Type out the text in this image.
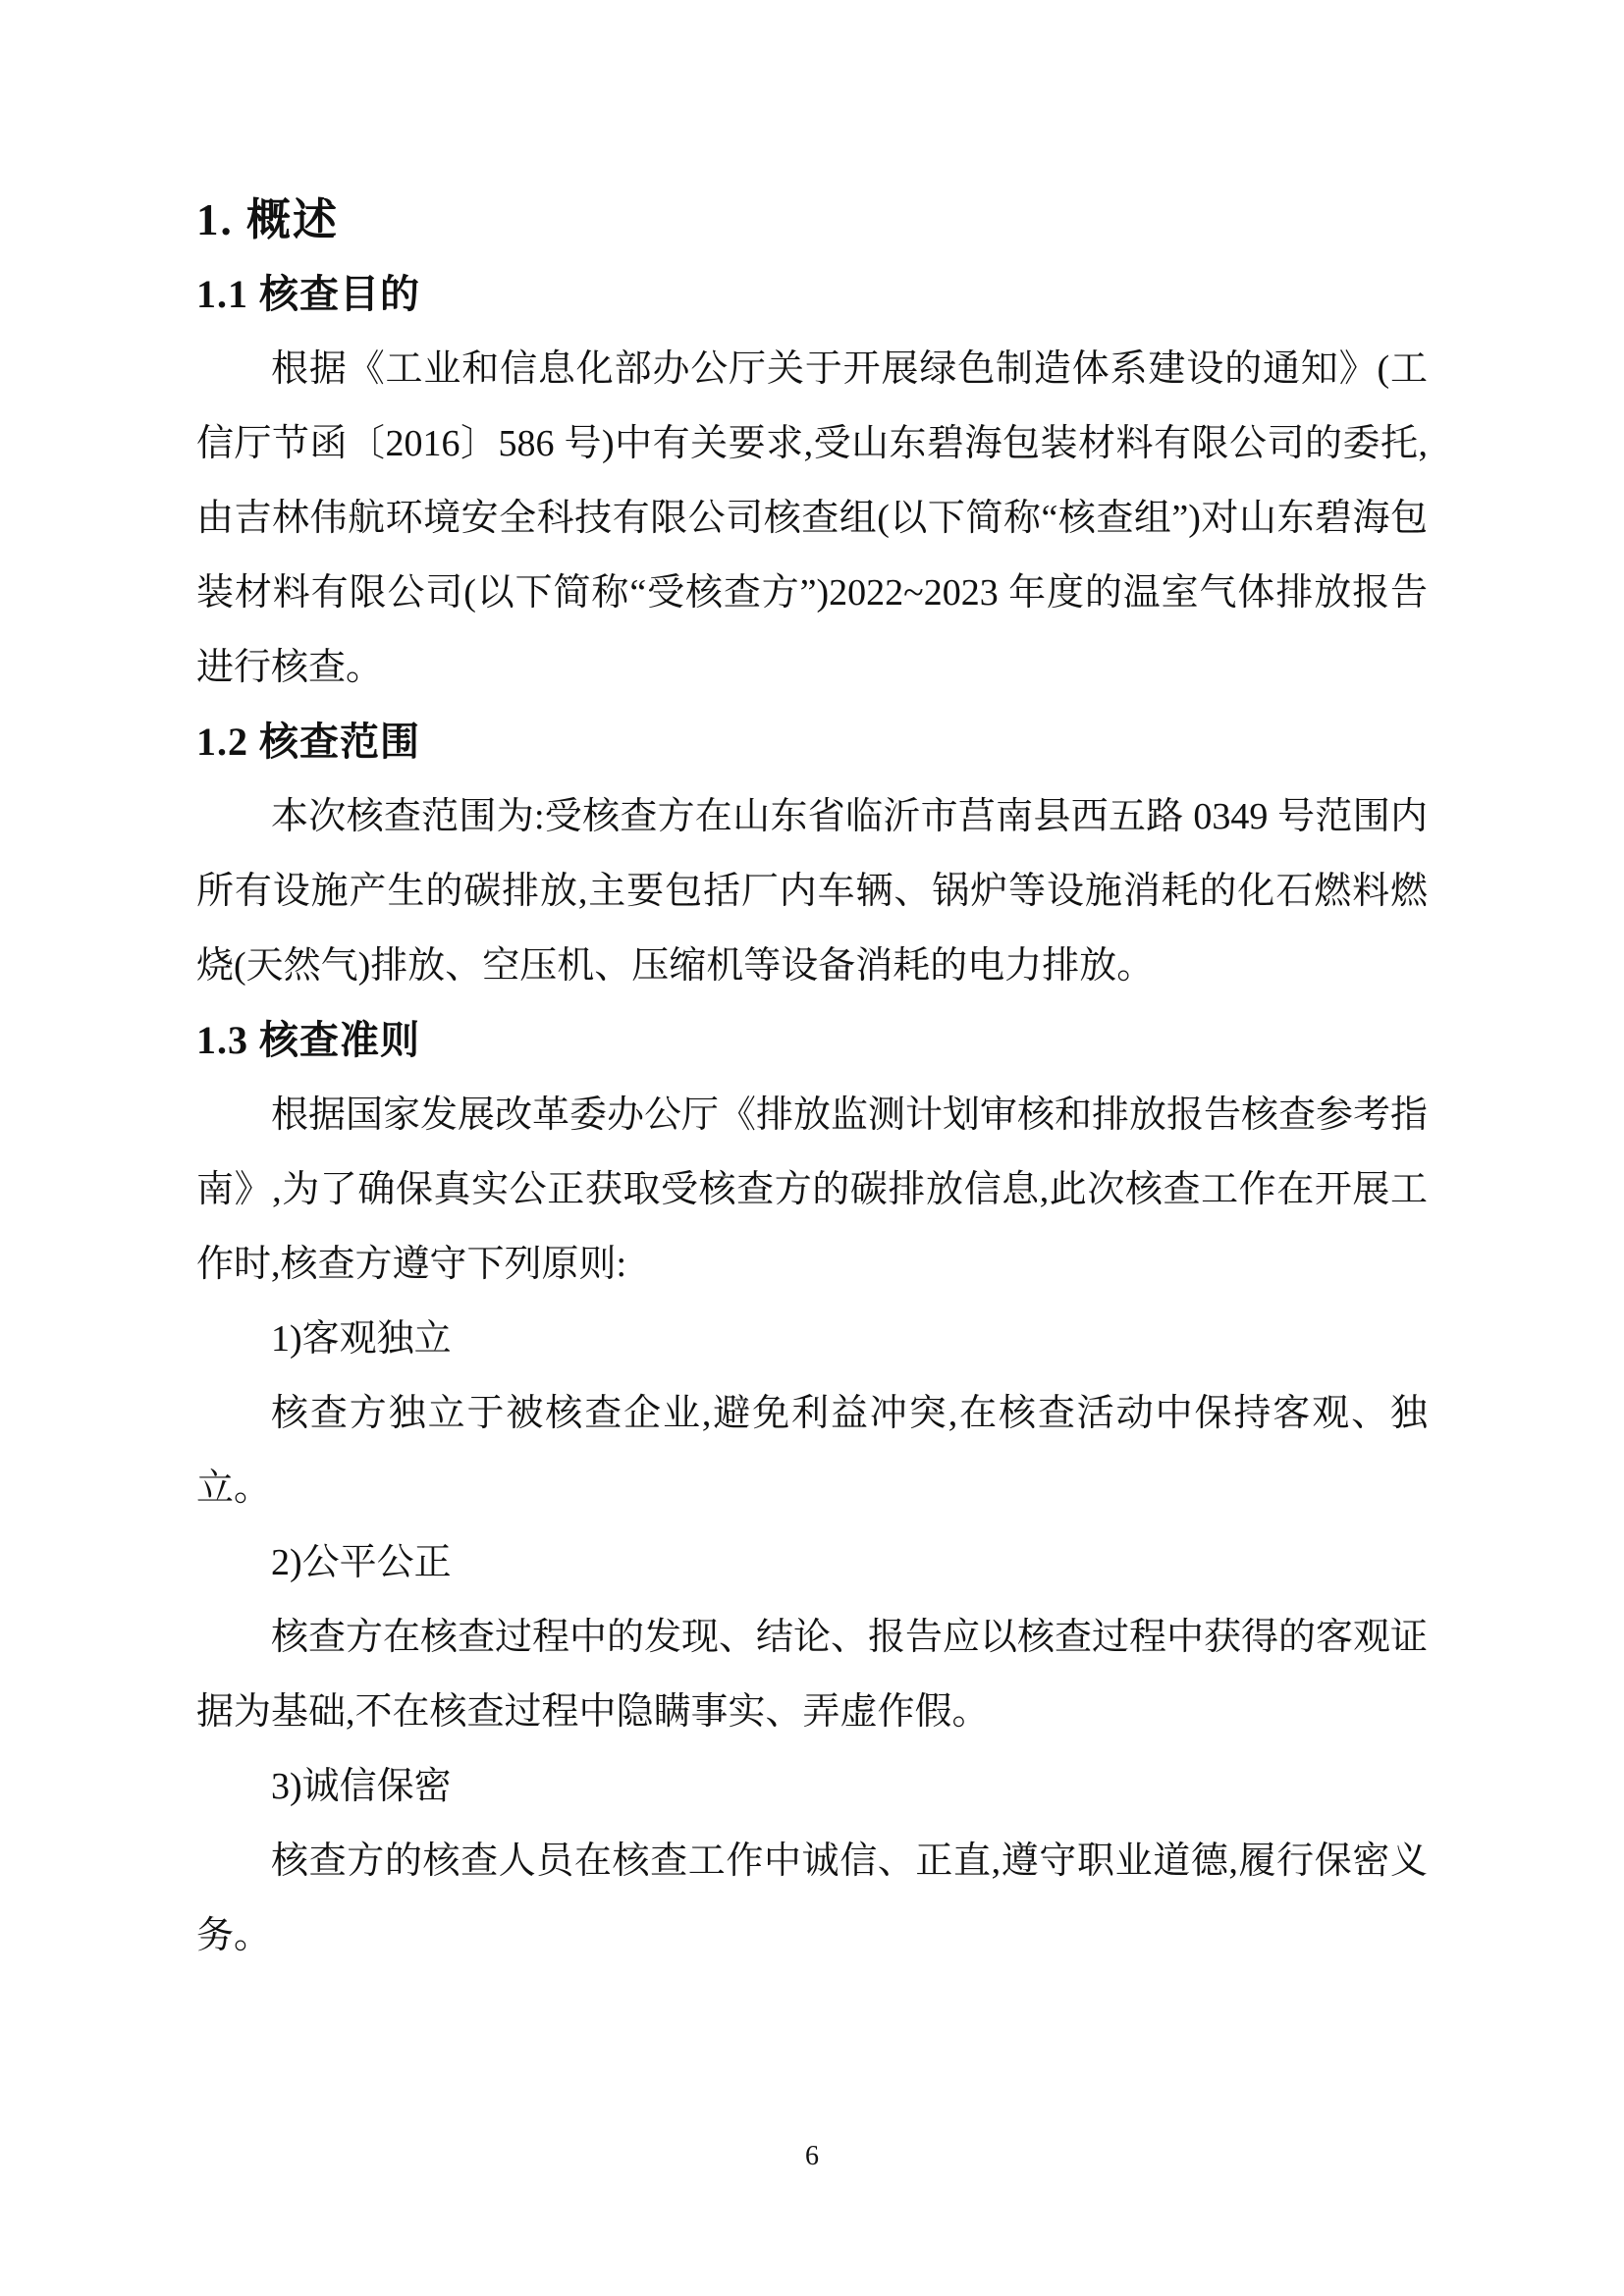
1. 概述
1.1 核查目的

根据《工业和信息化部办公厅关于开展绿色制造体系建设的通知》(工信厅节函〔2016〕586 号)中有关要求,受山东碧海包装材料有限公司的委托,由吉林伟航环境安全科技有限公司核查组(以下简称“核查组”)对山东碧海包装材料有限公司(以下简称“受核查方”)2022~2023 年度的温室气体排放报告进行核查。

1.2 核查范围

本次核查范围为:受核查方在山东省临沂市莒南县西五路 0349 号范围内所有设施产生的碳排放,主要包括厂内车辆、锅炉等设施消耗的化石燃料燃烧(天然气)排放、空压机、压缩机等设备消耗的电力排放。

1.3 核查准则

根据国家发展改革委办公厅《排放监测计划审核和排放报告核查参考指南》,为了确保真实公正获取受核查方的碳排放信息,此次核查工作在开展工作时,核查方遵守下列原则:

1)客观独立

核查方独立于被核查企业,避免利益冲突,在核查活动中保持客观、独立。

2)公平公正

核查方在核查过程中的发现、结论、报告应以核查过程中获得的客观证据为基础,不在核查过程中隐瞒事实、弄虚作假。

3)诚信保密

核查方的核查人员在核查工作中诚信、正直,遵守职业道德,履行保密义务。

6
